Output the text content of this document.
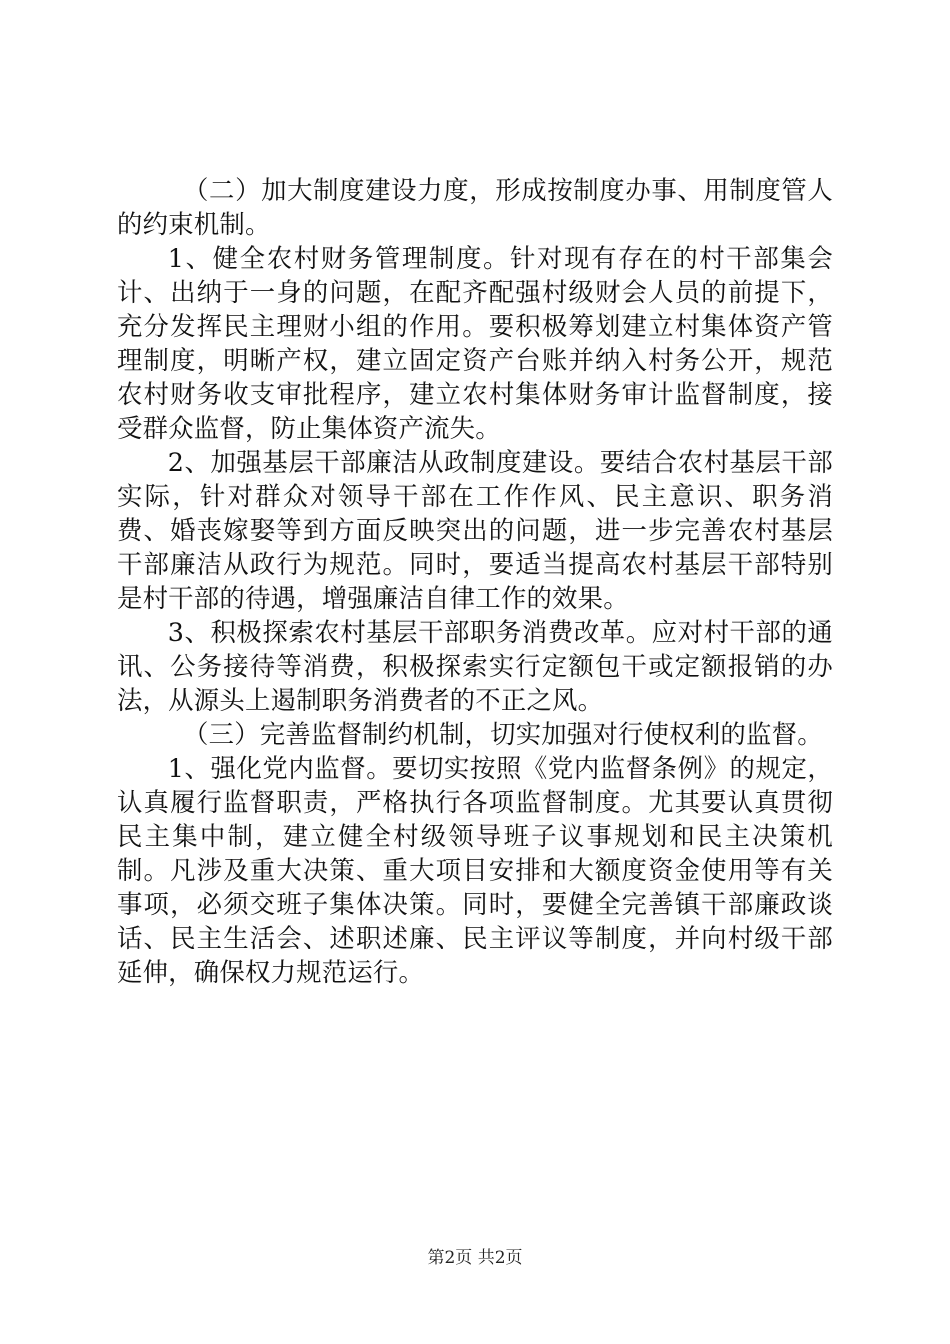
（二）加大制度建设力度，形成按制度办事、用制度管人的约束机制。

1、健全农村财务管理制度。针对现有存在的村干部集会计、出纳于一身的问题，在配齐配强村级财会人员的前提下，充分发挥民主理财小组的作用。要积极筹划建立村集体资产管理制度，明晰产权，建立固定资产台账并纳入村务公开，规范农村财务收支审批程序，建立农村集体财务审计监督制度，接受群众监督，防止集体资产流失。

2、加强基层干部廉洁从政制度建设。要结合农村基层干部实际，针对群众对领导干部在工作作风、民主意识、职务消费、婚丧嫁娶等到方面反映突出的问题，进一步完善农村基层干部廉洁从政行为规范。同时，要适当提高农村基层干部特别是村干部的待遇，增强廉洁自律工作的效果。

3、积极探索农村基层干部职务消费改革。应对村干部的通讯、公务接待等消费，积极探索实行定额包干或定额报销的办法，从源头上遏制职务消费者的不正之风。

（三）完善监督制约机制，切实加强对行使权利的监督。

1、强化党内监督。要切实按照《党内监督条例》的规定，认真履行监督职责，严格执行各项监督制度。尤其要认真贯彻民主集中制，建立健全村级领导班子议事规划和民主决策机制。凡涉及重大决策、重大项目安排和大额度资金使用等有关事项，必须交班子集体决策。同时，要健全完善镇干部廉政谈话、民主生活会、述职述廉、民主评议等制度，并向村级干部延伸，确保权力规范运行。

第2页 共2页
